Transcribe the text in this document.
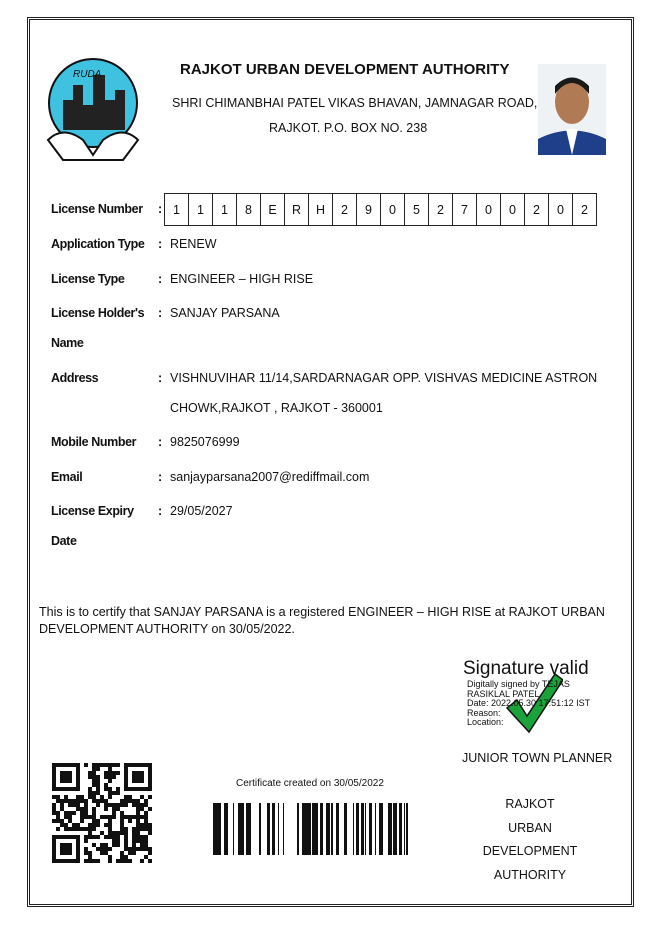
RUDA	RAJKOT URBAN DEVELOPMENT AUTHORITY
SHRI CHIMANBHAI PATEL VIKAS BHAVAN, JAMNAGAR ROAD,
RAJKOT. P.O. BOX NO. 238
License Number : 1	1	1	8	E	R	H	2	9	0	5	2	7	0	0	2	0	2
Application Type : RENEW
License Type	: ENGINEER – HIGH RISE
License Holder's
Name
: SANJAY PARSANA
Address	: VISHNUVIHAR 11/14,SARDARNAGAR OPP. VISHVAS MEDICINE ASTRON
CHOWK,RAJKOT , RAJKOT - 360001
Mobile Number : 9825076999
Email	: sanjayparsana2007@rediffmail.com
License Expiry
Date
: 29/05/2027
This is to certify that SANJAY PARSANA is a registered ENGINEER – HIGH RISE at RAJKOT URBAN DEVELOPMENT AUTHORITY on 30/05/2022.
Signature valid
Digitally signed by TEJAS
RASIKLAL PATEL
Date: 2022.05.30 17:51:12 IST
Reason:
Location:
JUNIOR TOWN PLANNER
Certificate created on 30/05/2022
RAJKOT
URBAN
DEVELOPMENT
AUTHORITY
